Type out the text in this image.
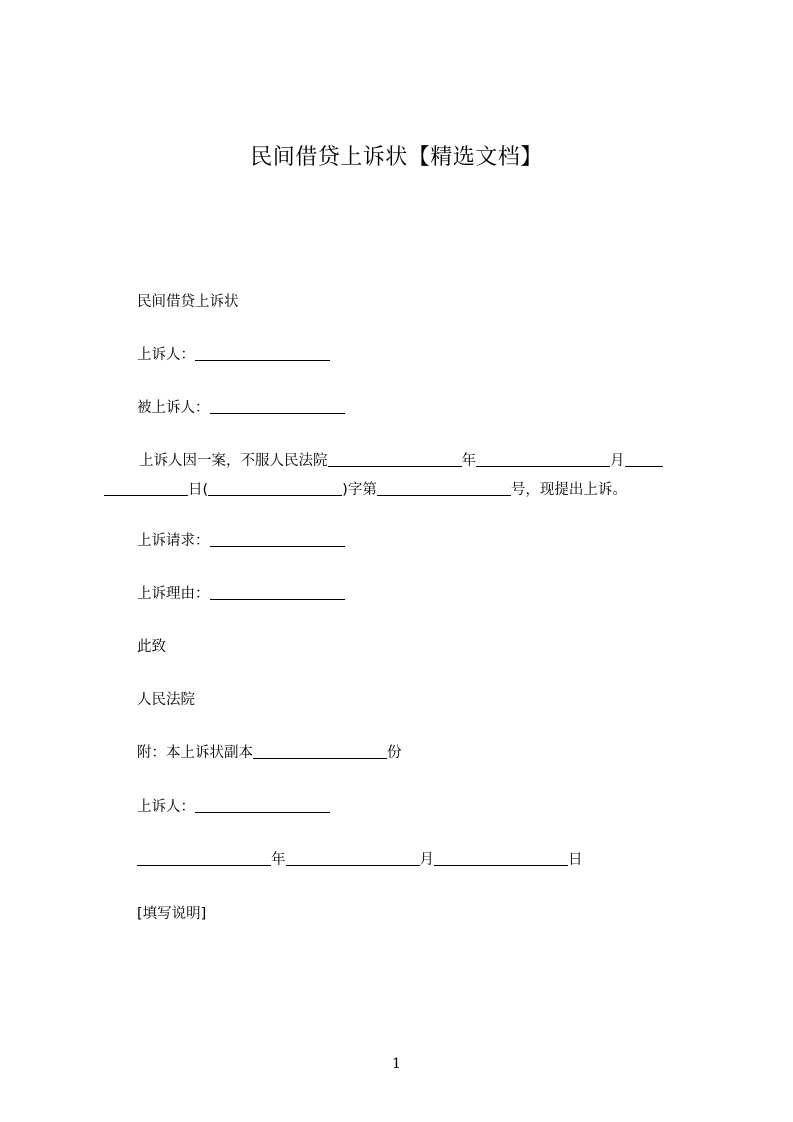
民间借贷上诉状【精选文档】
民间借贷上诉状
上诉人：
被上诉人：
上诉人因一案，不服人民法院	年	月
日(	)字第	号，现提出上诉。
上诉请求：
上诉理由：
此致
人民法院
附：本上诉状副本	份
上诉人：
年	月	日
[填写说明]
1
